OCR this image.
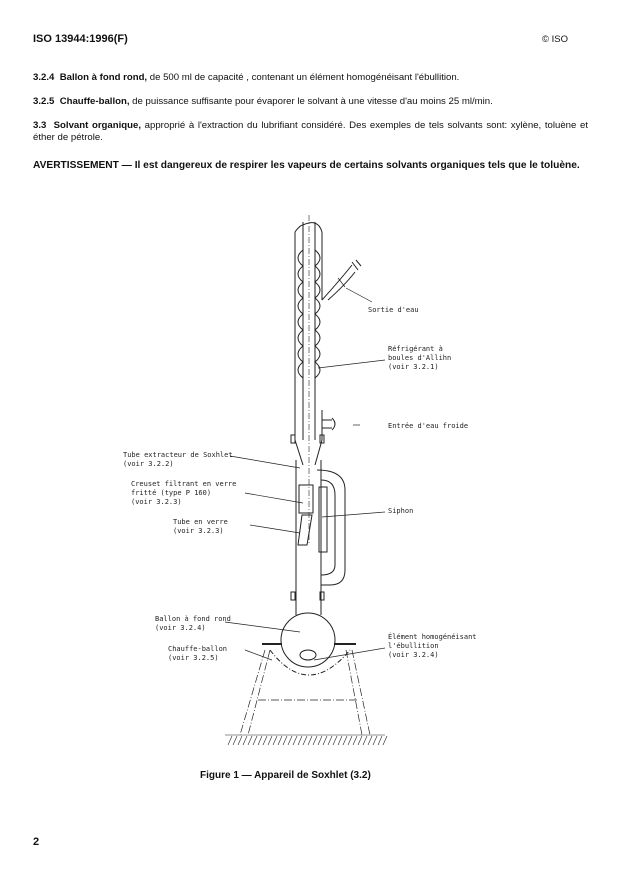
ISO 13944:1996(F)	© ISO
3.2.4 Ballon à fond rond, de 500 ml de capacité , contenant un élément homogénéisant l'ébullition.
3.2.5 Chauffe-ballon, de puissance suffisante pour évaporer le solvant à une vitesse d'au moins 25 ml/min.
3.3 Solvant organique, approprié à l'extraction du lubrifiant considéré. Des exemples de tels solvants sont: xylène, toluène et éther de pétrole.
AVERTISSEMENT — Il est dangereux de respirer les vapeurs de certains solvants organiques tels que le toluène.
Sortie d'eau
Réfrigérant à
boules d'Allihn
(voir 3.2.1)
Entrée d'eau froide
Tube extracteur de Soxhlet
(voir 3.2.2)
Creuset filtrant en verre
fritté (type P 160)
(voir 3.2.3)
Siphon
Tube en verre
(voir 3.2.3)
Ballon à fond rond
(voir 3.2.4)
Élément homogénéisant
l'ébullition
(voir 3.2.4)
Chauffe-ballon
(voir 3.2.5)
Figure 1 — Appareil de Soxhlet (3.2)
2
